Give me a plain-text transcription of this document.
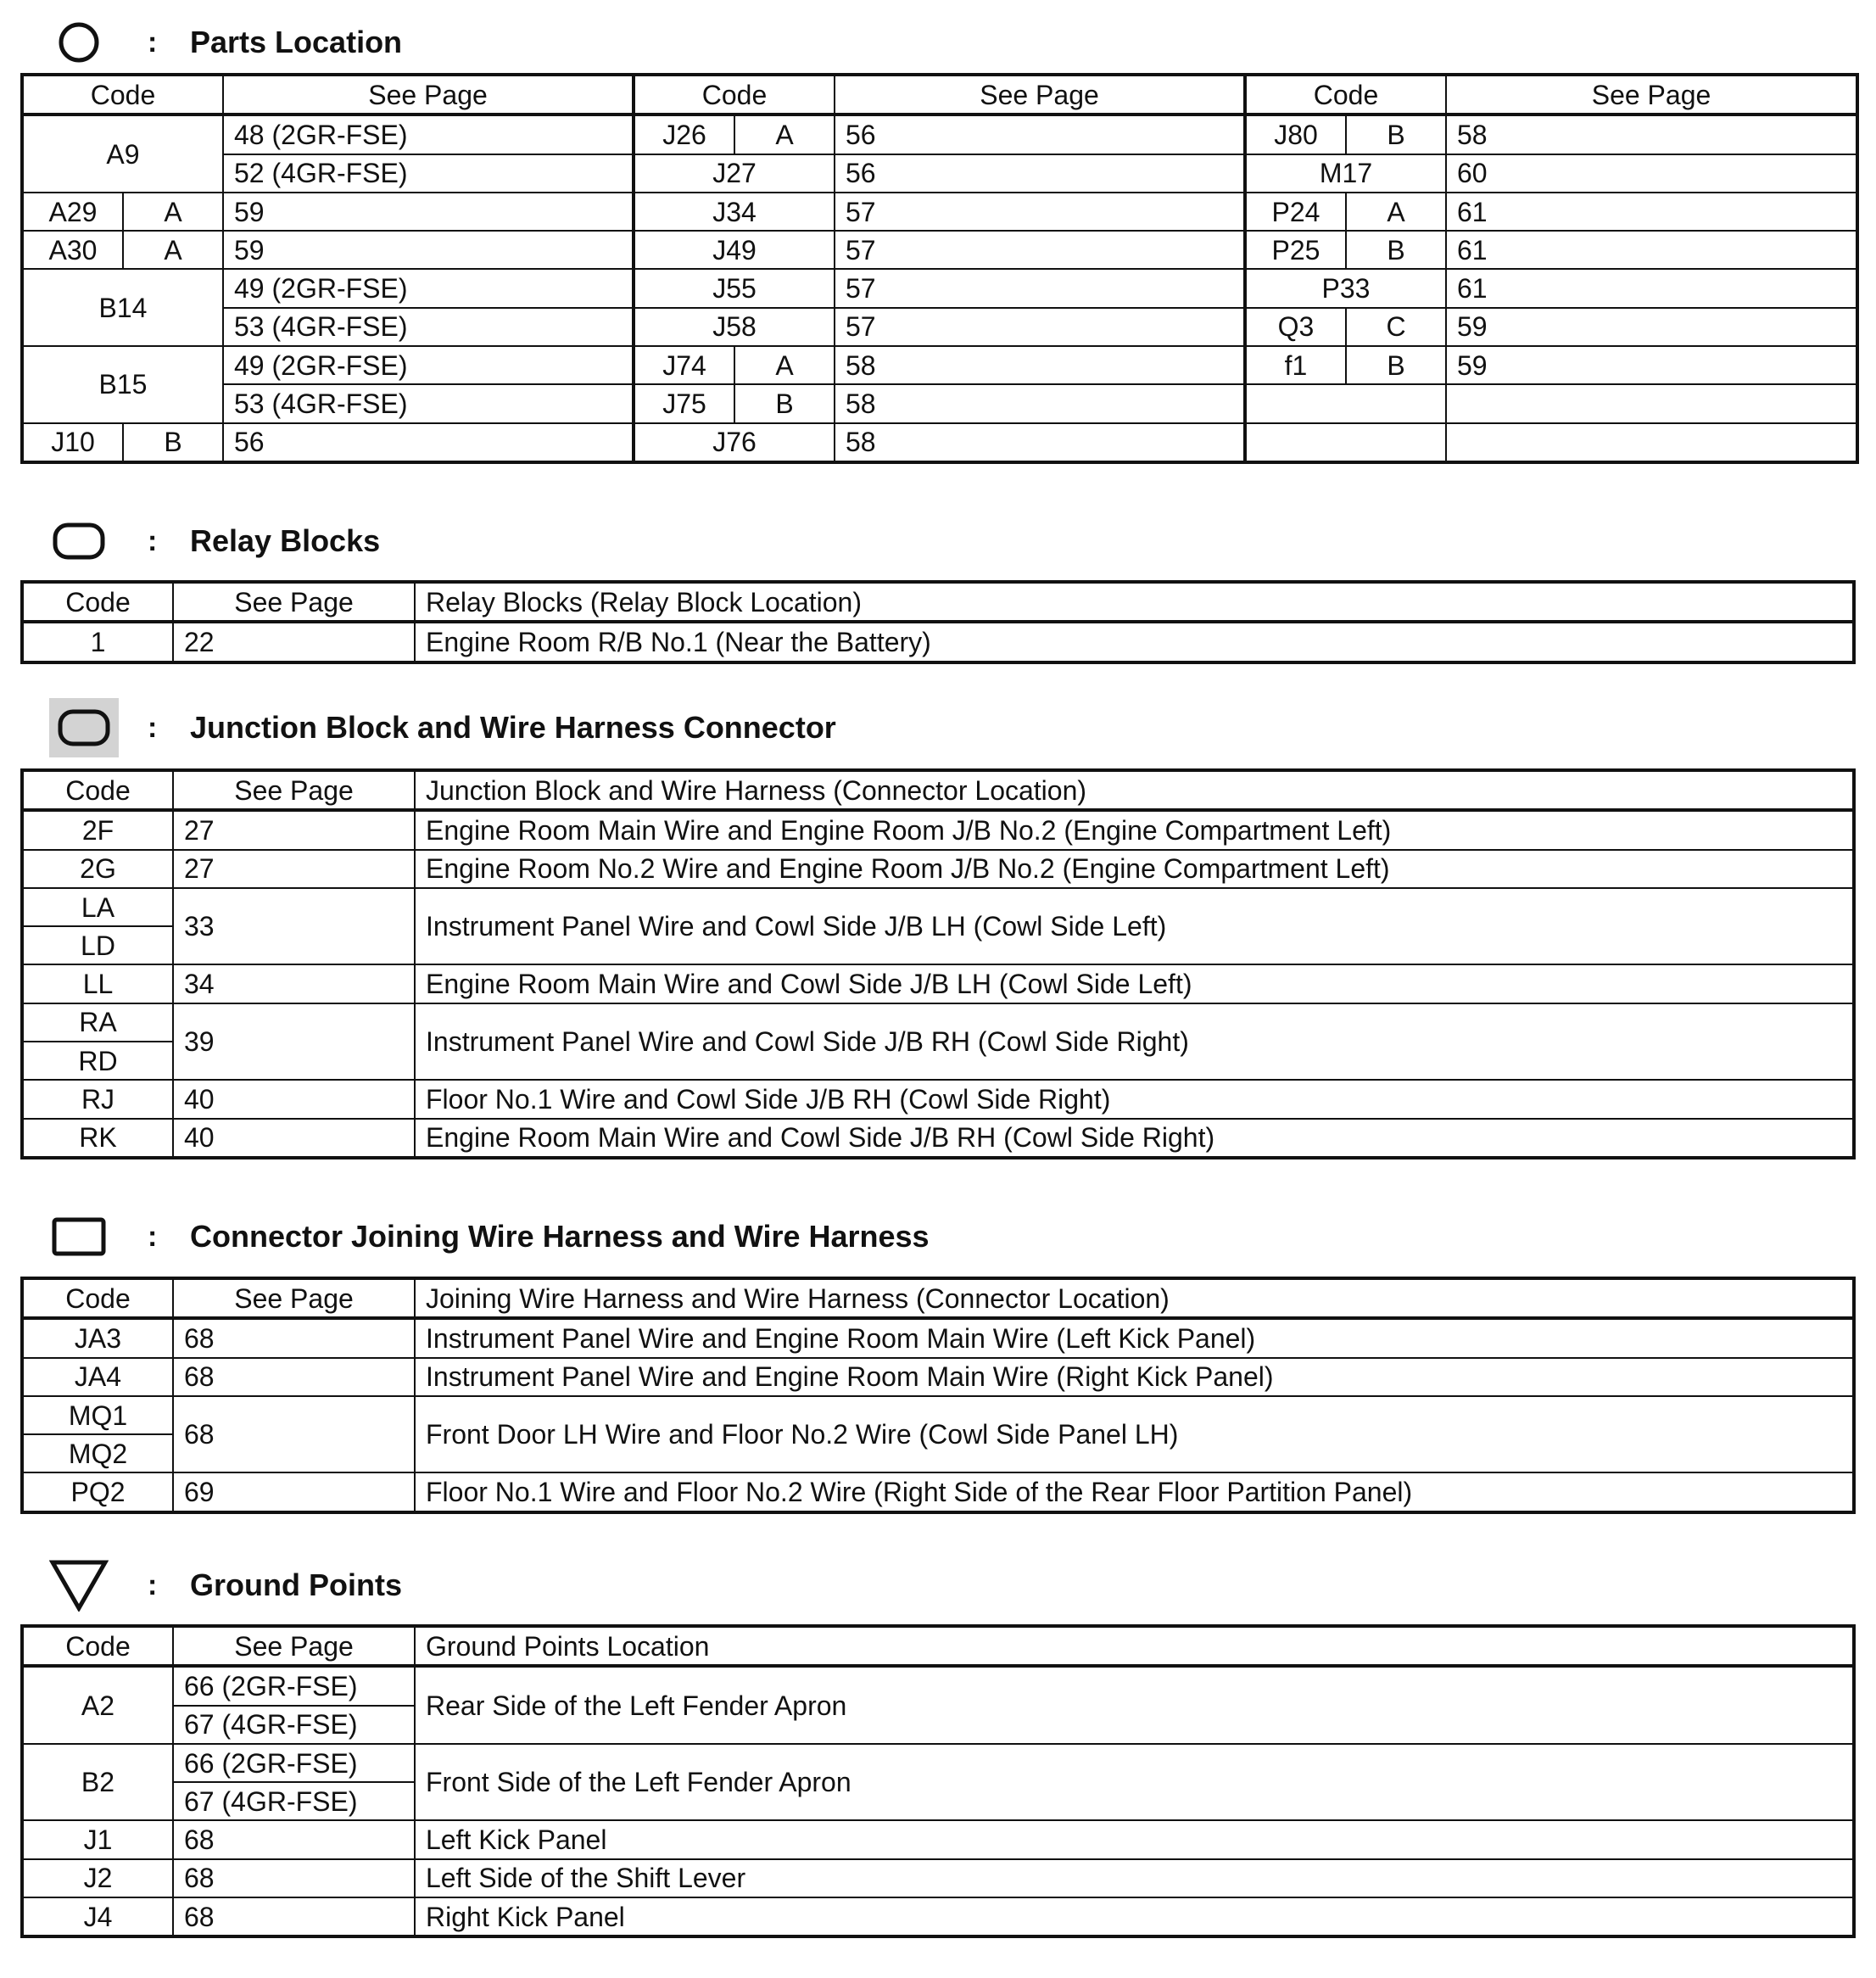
: Parts Location
Code		See Page	Code		See Page	Code		See Page
A9		48 (2GR-FSE)	J26	A	56	J80	B	58
		52 (4GR-FSE)	J27		56	M17		60
A29	A	59	J34		57	P24	A	61
A30	A	59	J49		57	P25	B	61
B14		49 (2GR-FSE)	J55		57	P33		61
		53 (4GR-FSE)	J58		57	Q3	C	59
B15		49 (2GR-FSE)	J74	A	58	f1	B	59
		53 (4GR-FSE)	J75	B	58			
J10	B	56	J76		58			
: Relay Blocks
Code	See Page	Relay Blocks (Relay Block Location)
1	22	Engine Room R/B No.1 (Near the Battery)
: Junction Block and Wire Harness Connector
Code	See Page	Junction Block and Wire Harness (Connector Location)
2F	27	Engine Room Main Wire and Engine Room J/B No.2 (Engine Compartment Left)
2G	27	Engine Room No.2 Wire and Engine Room J/B No.2 (Engine Compartment Left)
LA	33	Instrument Panel Wire and Cowl Side J/B LH (Cowl Side Left)
LD		
LL	34	Engine Room Main Wire and Cowl Side J/B LH (Cowl Side Left)
RA	39	Instrument Panel Wire and Cowl Side J/B RH (Cowl Side Right)
RD		
RJ	40	Floor No.1 Wire and Cowl Side J/B RH (Cowl Side Right)
RK	40	Engine Room Main Wire and Cowl Side J/B RH (Cowl Side Right)
: Connector Joining Wire Harness and Wire Harness
Code	See Page	Joining Wire Harness and Wire Harness (Connector Location)
JA3	68	Instrument Panel Wire and Engine Room Main Wire (Left Kick Panel)
JA4	68	Instrument Panel Wire and Engine Room Main Wire (Right Kick Panel)
MQ1	68	Front Door LH Wire and Floor No.2 Wire (Cowl Side Panel LH)
MQ2		
PQ2	69	Floor No.1 Wire and Floor No.2 Wire (Right Side of the Rear Floor Partition Panel)
: Ground Points
Code	See Page	Ground Points Location
A2	66 (2GR-FSE)	Rear Side of the Left Fender Apron
	67 (4GR-FSE)	
B2	66 (2GR-FSE)	Front Side of the Left Fender Apron
	67 (4GR-FSE)	
J1	68	Left Kick Panel
J2	68	Left Side of the Shift Lever
J4	68	Right Kick Panel
